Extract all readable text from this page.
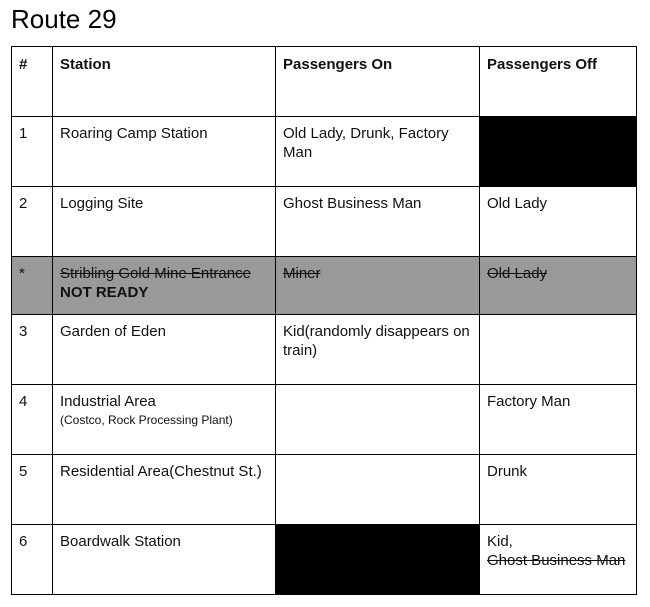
Route 29
#	Station	Passengers On	Passengers Off
1	Roaring Camp Station	Old Lady, Drunk, Factory Man	
2	Logging Site	Ghost Business Man	Old Lady
*	Stribling Gold Mine Entrance
NOT READY	Miner	Old Lady
3	Garden of Eden	Kid(randomly disappears on train)	
4	Industrial Area
(Costco, Rock Processing Plant)		Factory Man
5	Residential Area(Chestnut St.)		Drunk
6	Boardwalk Station		Kid,
Ghost Business Man
